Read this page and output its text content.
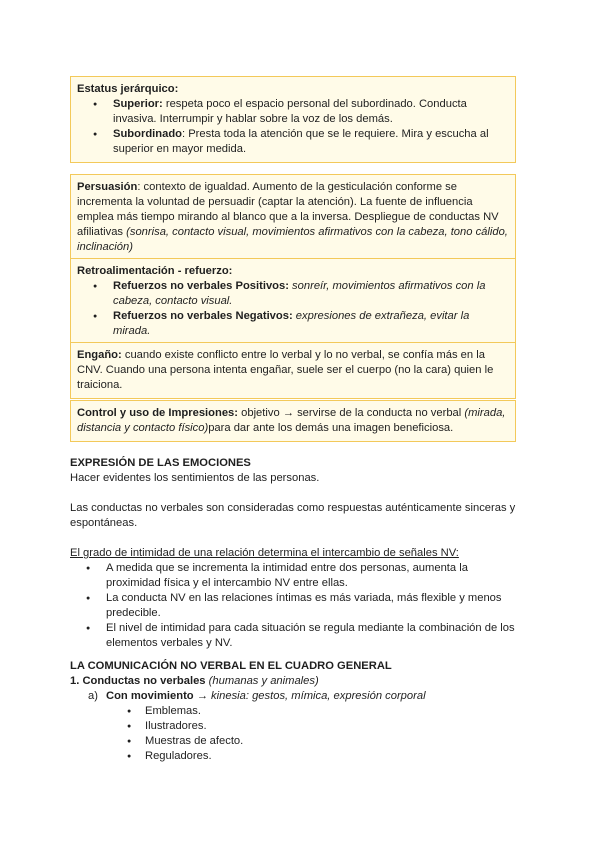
Estatus jerárquico:
● Superior: respeta poco el espacio personal del subordinado. Conducta invasiva. Interrumpir y hablar sobre la voz de los demás.
● Subordinado: Presta toda la atención que se le requiere. Mira y escucha al superior en mayor medida.
Persuasión: contexto de igualdad. Aumento de la gesticulación conforme se incrementa la voluntad de persuadir (captar la atención). La fuente de influencia emplea más tiempo mirando al blanco que a la inversa. Despliegue de conductas NV afiliativas (sonrisa, contacto visual, movimientos afirmativos con la cabeza, tono cálido, inclinación)
Retroalimentación - refuerzo:
● Refuerzos no verbales Positivos: sonreír, movimientos afirmativos con la cabeza, contacto visual.
● Refuerzos no verbales Negativos: expresiones de extrañeza, evitar la mirada.
Engaño: cuando existe conflicto entre lo verbal y lo no verbal, se confía más en la CNV. Cuando una persona intenta engañar, suele ser el cuerpo (no la cara) quien le traiciona.
Control y uso de Impresiones: objetivo → servirse de la conducta no verbal (mirada, distancia y contacto físico)para dar ante los demás una imagen beneficiosa.
EXPRESIÓN DE LAS EMOCIONES
Hacer evidentes los sentimientos de las personas.
Las conductas no verbales son consideradas como respuestas auténticamente sinceras y espontáneas.
El grado de intimidad de una relación determina el intercambio de señales NV:
● A medida que se incrementa la intimidad entre dos personas, aumenta la proximidad física y el intercambio NV entre ellas.
● La conducta NV en las relaciones íntimas es más variada, más flexible y menos predecible.
● El nivel de intimidad para cada situación se regula mediante la combinación de los elementos verbales y NV.
LA COMUNICACIÓN NO VERBAL EN EL CUADRO GENERAL
1. Conductas no verbales (humanas y animales)
a) Con movimiento → kinesia: gestos, mímica, expresión corporal
● Emblemas.
● Ilustradores.
● Muestras de afecto.
● Reguladores.
